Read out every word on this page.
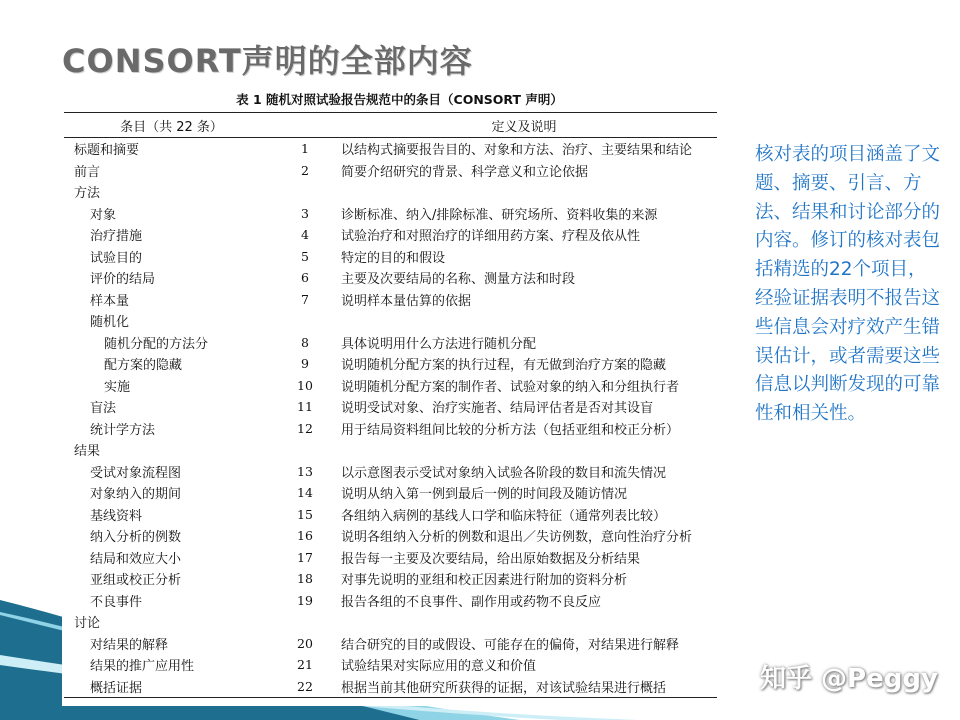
CONSORT声明的全部内容
表 1 随机对照试验报告规范中的条目（CONSORT 声明）
条目（共 22 条）		定义及说明
标题和摘要	1	以结构式摘要报告目的、对象和方法、治疗、主要结果和结论
前言	2	简要介绍研究的背景、科学意义和立论依据
方法		
对象	3	诊断标准、纳入/排除标准、研究场所、资料收集的来源
治疗措施	4	试验治疗和对照治疗的详细用药方案、疗程及依从性
试验目的	5	特定的目的和假设
评价的结局	6	主要及次要结局的名称、测量方法和时段
样本量	7	说明样本量估算的依据
随机化		
随机分配的方法分	8	具体说明用什么方法进行随机分配
配方案的隐藏	9	说明随机分配方案的执行过程，有无做到治疗方案的隐藏
实施	10	说明随机分配方案的制作者、试验对象的纳入和分组执行者
盲法	11	说明受试对象、治疗实施者、结局评估者是否对其设盲
统计学方法	12	用于结局资料组间比较的分析方法（包括亚组和校正分析）
结果		
受试对象流程图	13	以示意图表示受试对象纳入试验各阶段的数目和流失情况
对象纳入的期间	14	说明从纳入第一例到最后一例的时间段及随访情况
基线资料	15	各组纳入病例的基线人口学和临床特征（通常列表比较）
纳入分析的例数	16	说明各组纳入分析的例数和退出／失访例数，意向性治疗分析
结局和效应大小	17	报告每一主要及次要结局，给出原始数据及分析结果
亚组或校正分析	18	对事先说明的亚组和校正因素进行附加的资料分析
不良事件	19	报告各组的不良事件、副作用或药物不良反应
讨论		
对结果的解释	20	结合研究的目的或假设、可能存在的偏倚，对结果进行解释
结果的推广应用性	21	试验结果对实际应用的意义和价值
概括证据	22	根据当前其他研究所获得的证据，对该试验结果进行概括
核对表的项目涵盖了文题、摘要、引言、方法、结果和讨论部分的内容。修订的核对表包括精选的22个项目，经验证据表明不报告这些信息会对疗效产生错误估计，或者需要这些信息以判断发现的可靠性和相关性。
知乎 @Peggy
